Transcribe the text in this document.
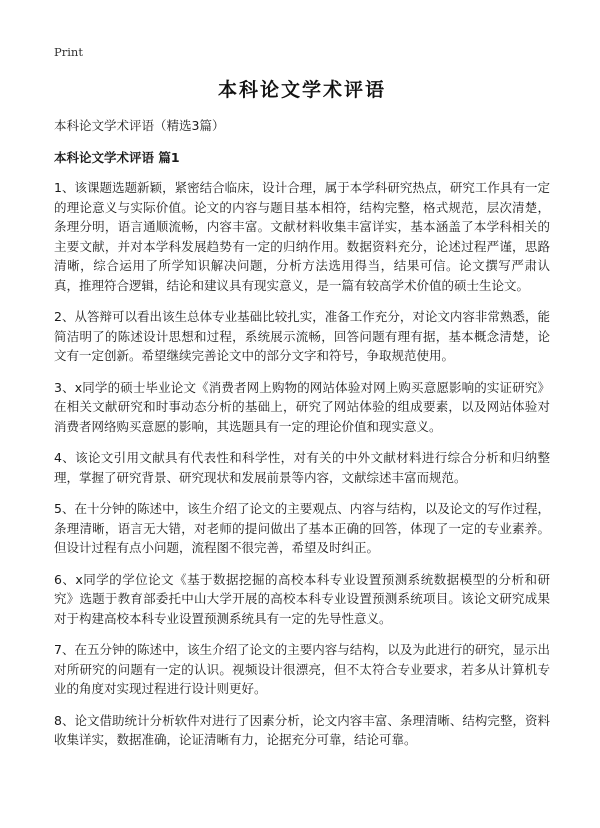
Print
本科论文学术评语
本科论文学术评语（精选3篇）
本科论文学术评语 篇1
1、该课题选题新颖，紧密结合临床，设计合理，属于本学科研究热点，研究工作具有一定的理论意义与实际价值。论文的内容与题目基本相符，结构完整，格式规范，层次清楚，条理分明，语言通顺流畅，内容丰富。文献材料收集丰富详实，基本涵盖了本学科相关的主要文献，并对本学科发展趋势有一定的归纳作用。数据资料充分，论述过程严谨，思路清晰，综合运用了所学知识解决问题，分析方法选用得当，结果可信。论文撰写严肃认真，推理符合逻辑，结论和建议具有现实意义，是一篇有较高学术价值的硕士生论文。
2、从答辩可以看出该生总体专业基础比较扎实，准备工作充分，对论文内容非常熟悉，能简洁明了的陈述设计思想和过程，系统展示流畅，回答问题有理有据，基本概念清楚，论文有一定创新。希望继续完善论文中的部分文字和符号，争取规范使用。
3、x同学的硕士毕业论文《消费者网上购物的网站体验对网上购买意愿影响的实证研究》在相关文献研究和时事动态分析的基础上，研究了网站体验的组成要素，以及网站体验对消费者网络购买意愿的影响，其选题具有一定的理论价值和现实意义。
4、该论文引用文献具有代表性和科学性，对有关的中外文献材料进行综合分析和归纳整理，掌握了研究背景、研究现状和发展前景等内容，文献综述丰富而规范。
5、在十分钟的陈述中，该生介绍了论文的主要观点、内容与结构，以及论文的写作过程，条理清晰，语言无大错，对老师的提问做出了基本正确的回答，体现了一定的专业素养。但设计过程有点小问题，流程图不很完善，希望及时纠正。
6、x同学的学位论文《基于数据挖掘的高校本科专业设置预测系统数据模型的分析和研究》选题于教育部委托中山大学开展的高校本科专业设置预测系统项目。该论文研究成果对于构建高校本科专业设置预测系统具有一定的先导性意义。
7、在五分钟的陈述中，该生介绍了论文的主要内容与结构，以及为此进行的研究，显示出对所研究的问题有一定的认识。视频设计很漂亮，但不太符合专业要求，若多从计算机专业的角度对实现过程进行设计则更好。
8、论文借助统计分析软件对进行了因素分析，论文内容丰富、条理清晰、结构完整，资料收集详实，数据准确，论证清晰有力，论据充分可靠，结论可靠。
